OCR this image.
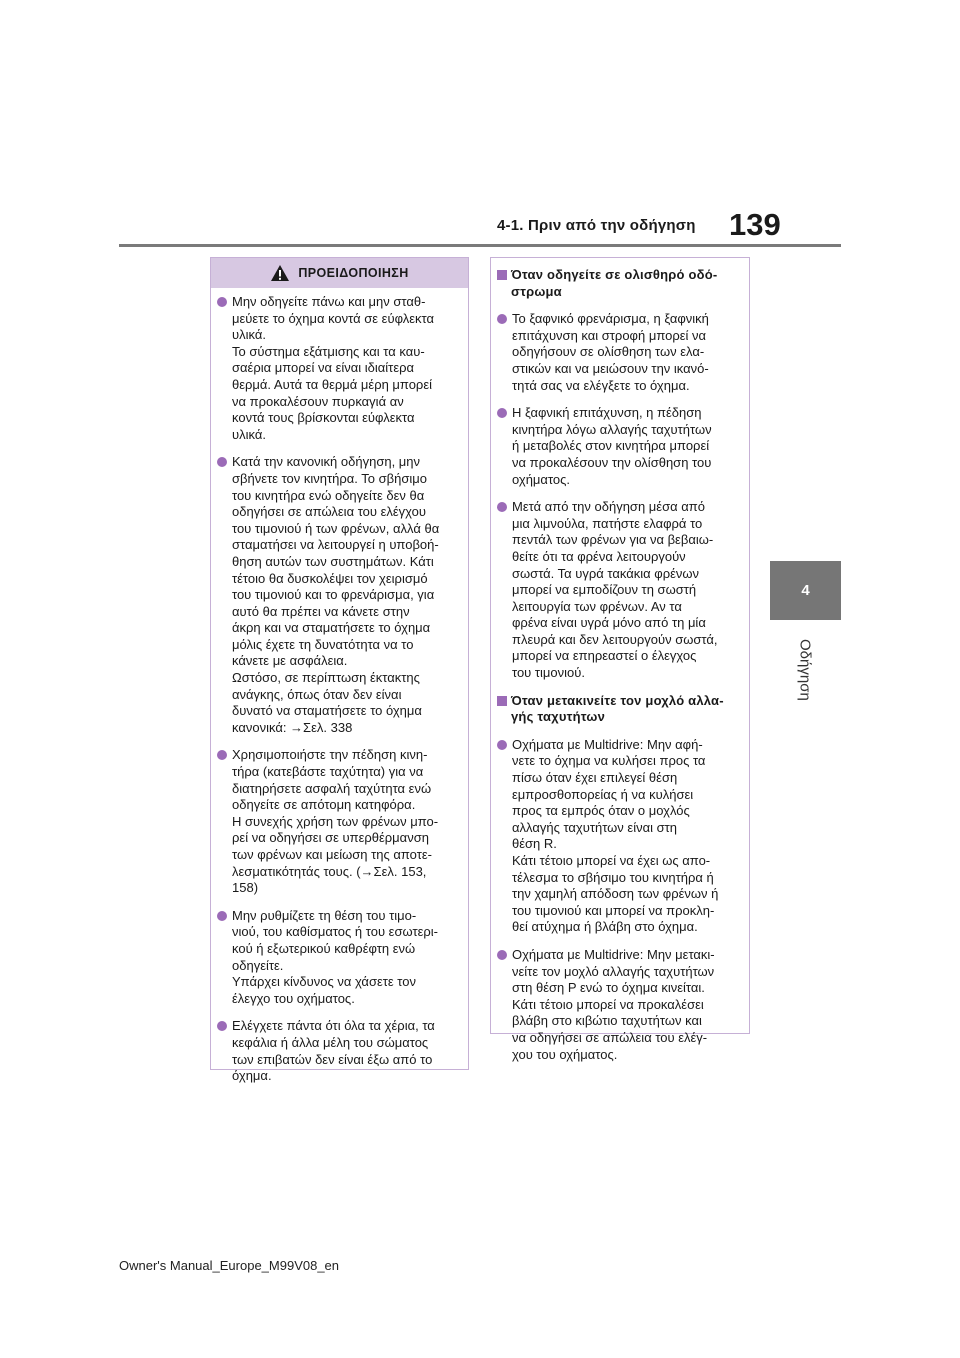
4-1. Πριν από την οδήγηση 139
4
Οδήγηση
ΠΡΟΕΙΔΟΠΟΙΗΣΗ

Μην οδηγείτε πάνω και μην σταθ-
μεύετε το όχημα κοντά σε εύφλεκτα
υλικά.
Το σύστημα εξάτμισης και τα καυ-
σαέρια μπορεί να είναι ιδιαίτερα
θερμά. Αυτά τα θερμά μέρη μπορεί
να προκαλέσουν πυρκαγιά αν
κοντά τους βρίσκονται εύφλεκτα
υλικά.

Κατά την κανονική οδήγηση, μην
σβήνετε τον κινητήρα. Το σβήσιμο
του κινητήρα ενώ οδηγείτε δεν θα
οδηγήσει σε απώλεια του ελέγχου
του τιμονιού ή των φρένων, αλλά θα
σταματήσει να λειτουργεί η υποβοή-
θηση αυτών των συστημάτων. Κάτι
τέτοιο θα δυσκολέψει τον χειρισμό
του τιμονιού και το φρενάρισμα, για
αυτό θα πρέπει να κάνετε στην
άκρη και να σταματήσετε το όχημα
μόλις έχετε τη δυνατότητα να το
κάνετε με ασφάλεια.
Ωστόσο, σε περίπτωση έκτακτης
ανάγκης, όπως όταν δεν είναι
δυνατό να σταματήσετε το όχημα
κανονικά: →Σελ. 338

Χρησιμοποιήστε την πέδηση κινη-
τήρα (κατεβάστε ταχύτητα) για να
διατηρήσετε ασφαλή ταχύτητα ενώ
οδηγείτε σε απότομη κατηφόρα.
Η συνεχής χρήση των φρένων μπο-
ρεί να οδηγήσει σε υπερθέρμανση
των φρένων και μείωση της αποτε-
λεσματικότητάς τους. (→Σελ. 153,
158)

Μην ρυθμίζετε τη θέση του τιμο-
νιού, του καθίσματος ή του εσωτερι-
κού ή εξωτερικού καθρέφτη ενώ
οδηγείτε.
Υπάρχει κίνδυνος να χάσετε τον
έλεγχο του οχήματος.

Ελέγχετε πάντα ότι όλα τα χέρια, τα
κεφάλια ή άλλα μέλη του σώματος
των επιβατών δεν είναι έξω από το
όχημα.

Όταν οδηγείτε σε ολισθηρό οδό-
στρωμα

Το ξαφνικό φρενάρισμα, η ξαφνική
επιτάχυνση και στροφή μπορεί να
οδηγήσουν σε ολίσθηση των ελα-
στικών και να μειώσουν την ικανό-
τητά σας να ελέγξετε το όχημα.

Η ξαφνική επιτάχυνση, η πέδηση
κινητήρα λόγω αλλαγής ταχυτήτων
ή μεταβολές στον κινητήρα μπορεί
να προκαλέσουν την ολίσθηση του
οχήματος.

Μετά από την οδήγηση μέσα από
μια λιμνούλα, πατήστε ελαφρά το
πεντάλ των φρένων για να βεβαιω-
θείτε ότι τα φρένα λειτουργούν
σωστά. Τα υγρά τακάκια φρένων
μπορεί να εμποδίζουν τη σωστή
λειτουργία των φρένων. Αν τα
φρένα είναι υγρά μόνο από τη μία
πλευρά και δεν λειτουργούν σωστά,
μπορεί να επηρεαστεί ο έλεγχος
του τιμονιού.

Όταν μετακινείτε τον μοχλό αλλα-
γής ταχυτήτων

Οχήματα με Multidrive: Μην αφή-
νετε το όχημα να κυλήσει προς τα
πίσω όταν έχει επιλεγεί θέση
εμπροσθοπορείας ή να κυλήσει
προς τα εμπρός όταν ο μοχλός
αλλαγής ταχυτήτων είναι στη
θέση R.
Κάτι τέτοιο μπορεί να έχει ως απο-
τέλεσμα το σβήσιμο του κινητήρα ή
την χαμηλή απόδοση των φρένων ή
του τιμονιού και μπορεί να προκλη-
θεί ατύχημα ή βλάβη στο όχημα.

Οχήματα με Multidrive: Μην μετακι-
νείτε τον μοχλό αλλαγής ταχυτήτων
στη θέση P ενώ το όχημα κινείται.
Κάτι τέτοιο μπορεί να προκαλέσει
βλάβη στο κιβώτιο ταχυτήτων και
να οδηγήσει σε απώλεια του ελέγ-
χου του οχήματος.

Owner's Manual_Europe_M99V08_en
